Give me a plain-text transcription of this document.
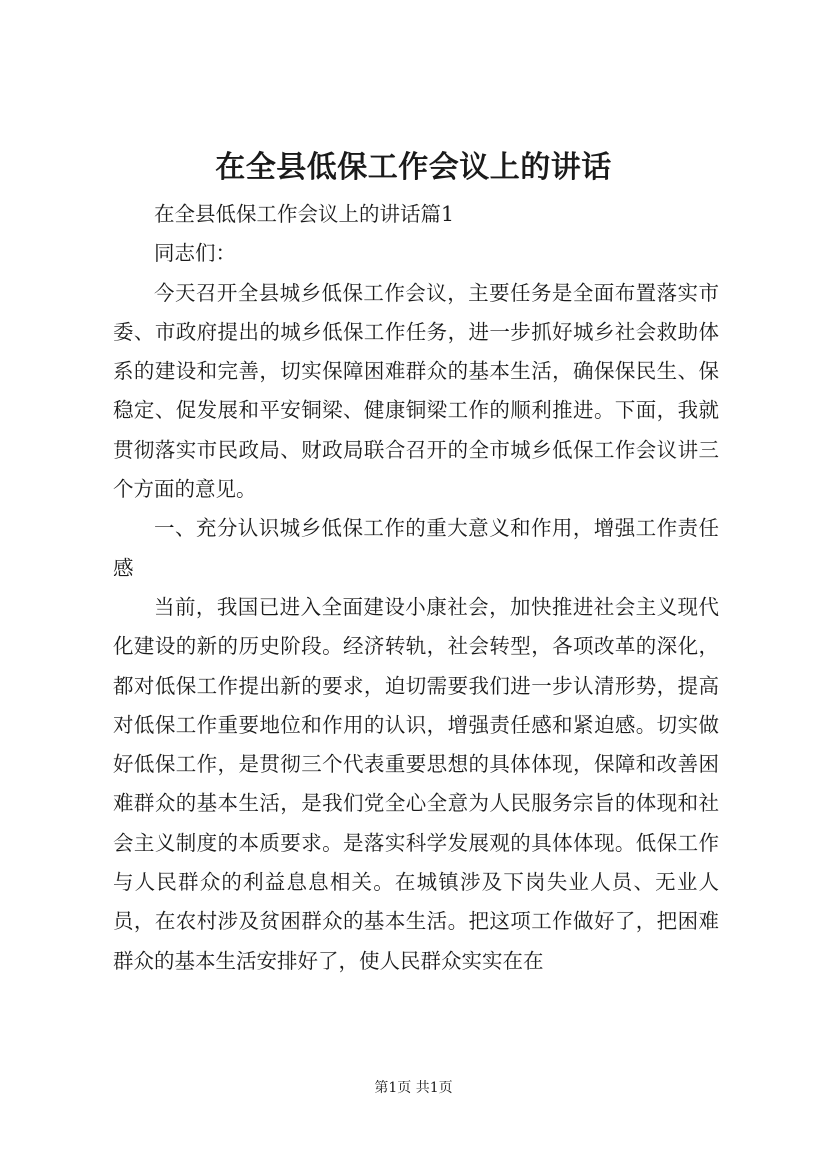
在全县低保工作会议上的讲话

在全县低保工作会议上的讲话篇1

同志们：

今天召开全县城乡低保工作会议，主要任务是全面布置落实市委、市政府提出的城乡低保工作任务，进一步抓好城乡社会救助体系的建设和完善，切实保障困难群众的基本生活，确保保民生、保稳定、促发展和平安铜梁、健康铜梁工作的顺利推进。下面，我就贯彻落实市民政局、财政局联合召开的全市城乡低保工作会议讲三个方面的意见。

一、充分认识城乡低保工作的重大意义和作用，增强工作责任感

当前，我国已进入全面建设小康社会，加快推进社会主义现代化建设的新的历史阶段。经济转轨，社会转型，各项改革的深化，都对低保工作提出新的要求，迫切需要我们进一步认清形势，提高对低保工作重要地位和作用的认识，增强责任感和紧迫感。切实做好低保工作，是贯彻三个代表重要思想的具体体现，保障和改善困难群众的基本生活，是我们党全心全意为人民服务宗旨的体现和社会主义制度的本质要求。是落实科学发展观的具体体现。低保工作与人民群众的利益息息相关。在城镇涉及下岗失业人员、无业人员，在农村涉及贫困群众的基本生活。把这项工作做好了，把困难群众的基本生活安排好了，使人民群众实实在在

第1页 共1页
